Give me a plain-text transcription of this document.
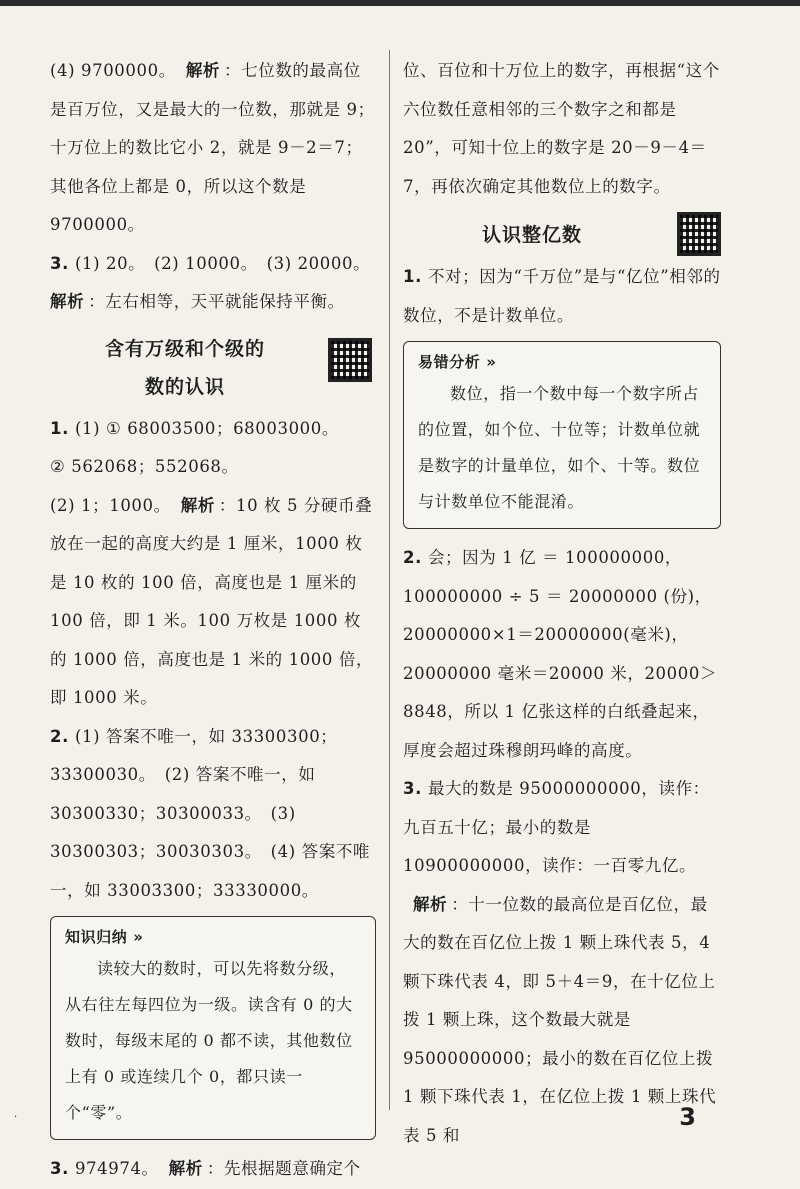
(4) 9700000。 解析 ：七位数的最高位是百万位，又是最大的一位数，那就是 9；十万位上的数比它小 2，就是 9－2＝7；其他各位上都是 0，所以这个数是 9700000。

3. (1) 20。　(2) 10000。　(3) 20000。

解析 ：左右相等，天平就能保持平衡。

含有万级和个级的
数的认识

1. (1) ① 68003500；68003000。

② 562068；552068。

(2) 1；1000。 解析 ：10 枚 5 分硬币叠放在一起的高度大约是 1 厘米，1000 枚是 10 枚的 100 倍，高度也是 1 厘米的 100 倍，即 1 米。100 万枚是 1000 枚的 1000 倍，高度也是 1 米的 1000 倍，即 1000 米。

2. (1) 答案不唯一，如 33300300；33300030。　(2) 答案不唯一，如 30300330；30300033。　(3) 30300303；30030303。　(4) 答案不唯一，如 33003300；33330000。

知识归纳 »
读较大的数时，可以先将数分级，从右往左每四位为一级。读含有 0 的大数时，每级末尾的 0 都不读，其他数位上有 0 或连续几个 0，都只读一个“零”。

3. 974974。 解析 ：先根据题意确定个

位、百位和十万位上的数字，再根据“这个六位数任意相邻的三个数字之和都是 20”，可知十位上的数字是 20－9－4＝7，再依次确定其他数位上的数字。

认识整亿数

1. 不对；因为“千万位”是与“亿位”相邻的数位，不是计数单位。

易错分析 »
数位，指一个数中每一个数字所占的位置，如个位、十位等；计数单位就是数字的计量单位，如个、十等。数位与计数单位不能混淆。

2. 会；因为 1 亿 ＝ 100000000，100000000 ÷ 5 ＝ 20000000 (份)，20000000×1＝20000000(毫米)，20000000 毫米＝20000 米，20000＞8848，所以 1 亿张这样的白纸叠起来，厚度会超过珠穆朗玛峰的高度。

3. 最大的数是 95000000000，读作：九百五十亿；最小的数是 10900000000，读作：一百零九亿。解析 ：十一位数的最高位是百亿位，最大的数在百亿位上拨 1 颗上珠代表 5，4 颗下珠代表 4，即 5＋4＝9，在十亿位上拨 1 颗上珠，这个数最大就是 95000000000；最小的数在百亿位上拨 1 颗下珠代表 1，在亿位上拨 1 颗上珠代表 5 和

·	3
